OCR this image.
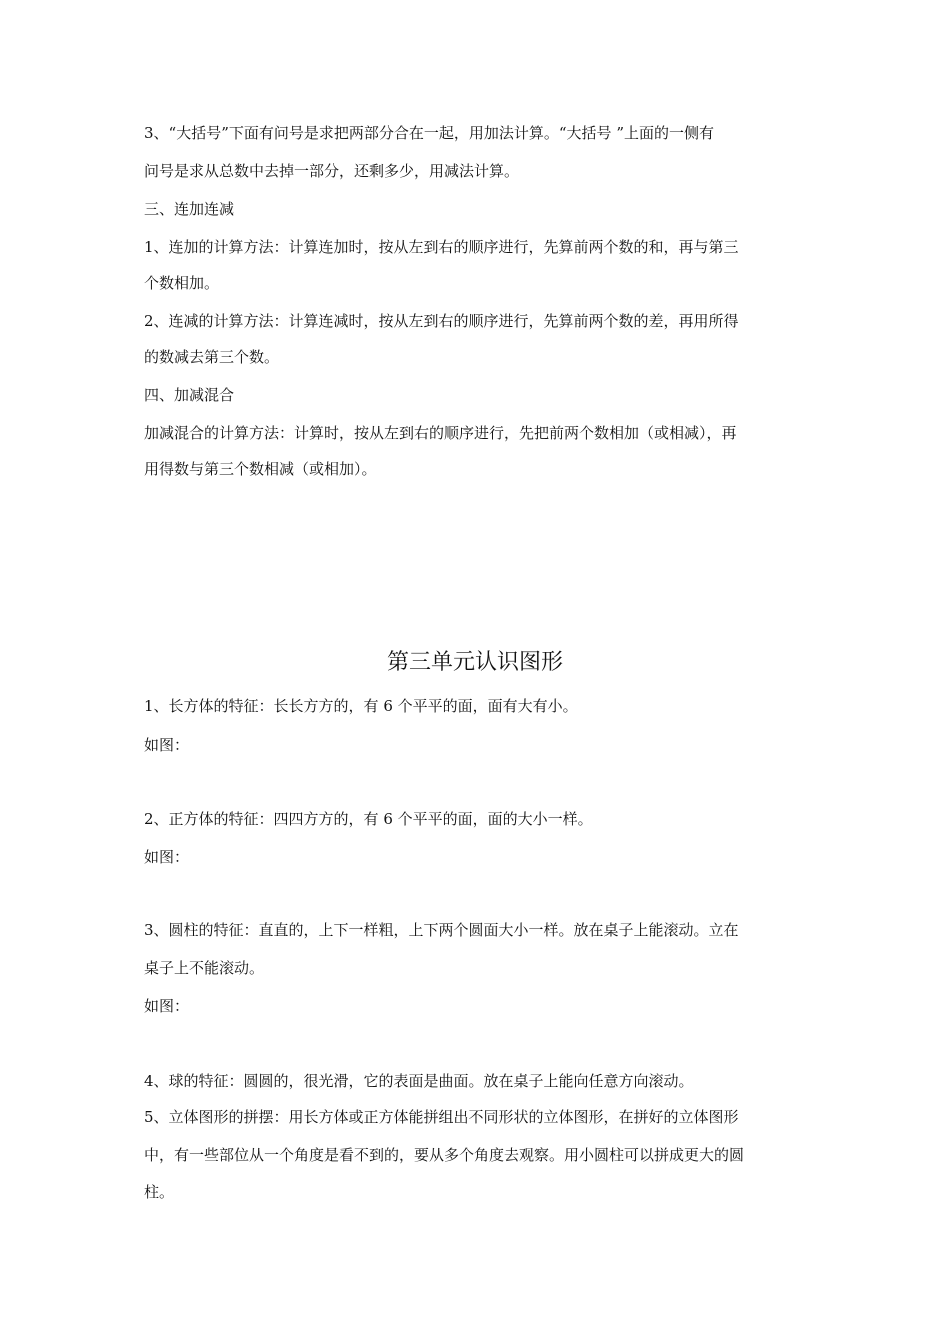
3、“大括号”下面有问号是求把两部分合在一起，用加法计算。“大括号 ”上面的一侧有
问号是求从总数中去掉一部分，还剩多少，用减法计算。
三、连加连减
1、连加的计算方法：计算连加时，按从左到右的顺序进行，先算前两个数的和，再与第三
个数相加。
2、连减的计算方法：计算连减时，按从左到右的顺序进行，先算前两个数的差，再用所得
的数减去第三个数。
四、加减混合
加减混合的计算方法：计算时，按从左到右的顺序进行，先把前两个数相加（或相减），再
用得数与第三个数相减（或相加）。
第三单元认识图形
1、长方体的特征：长长方方的，有 6 个平平的面，面有大有小。
如图：
2、正方体的特征：四四方方的，有 6 个平平的面，面的大小一样。
如图：
3、圆柱的特征：直直的，上下一样粗，上下两个圆面大小一样。放在桌子上能滚动。立在
桌子上不能滚动。
如图：
4、球的特征：圆圆的，很光滑，它的表面是曲面。放在桌子上能向任意方向滚动。
5、立体图形的拼摆：用长方体或正方体能拼组出不同形状的立体图形，在拼好的立体图形
中，有一些部位从一个角度是看不到的，要从多个角度去观察。用小圆柱可以拼成更大的圆
柱。
